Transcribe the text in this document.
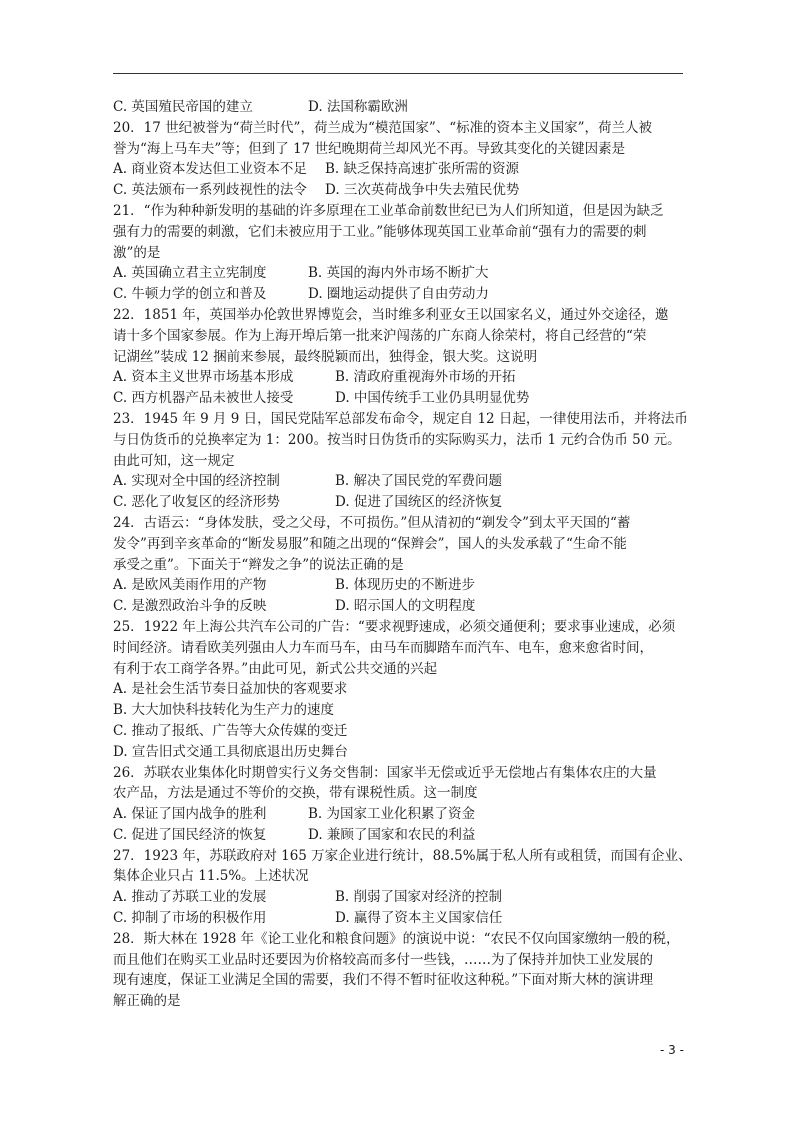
C. 英国殖民帝国的建立	D. 法国称霸欧洲
20．17 世纪被誉为“荷兰时代”，荷兰成为“模范国家”、“标准的资本主义国家”，荷兰人被
誉为“海上马车夫”等；但到了 17 世纪晚期荷兰却风光不再。导致其变化的关键因素是
A. 商业资本发达但工业资本不足 B. 缺乏保持高速扩张所需的资源
C. 英法颁布一系列歧视性的法令 D. 三次英荷战争中失去殖民优势
21．“作为种种新发明的基础的许多原理在工业革命前数世纪已为人们所知道，但是因为缺乏
强有力的需要的刺激，它们未被应用于工业。”能够体现英国工业革命前“强有力的需要的刺
激”的是
A. 英国确立君主立宪制度	B. 英国的海内外市场不断扩大
C. 牛顿力学的创立和普及	D. 圈地运动提供了自由劳动力
22．1851 年，英国举办伦敦世界博览会，当时维多利亚女王以国家名义，通过外交途径，邀
请十多个国家参展。作为上海开埠后第一批来沪闯荡的广东商人徐荣村，将自己经营的“荣
记湖丝”装成 12 捆前来参展，最终脱颖而出，独得金，银大奖。这说明
A. 资本主义世界市场基本形成	B. 清政府重视海外市场的开拓
C. 西方机器产品未被世人接受	D. 中国传统手工业仍具明显优势
23．1945 年 9 月 9 日，国民党陆军总部发布命令，规定自 12 日起，一律使用法币，并将法币
与日伪货币的兑换率定为 1：200。按当时日伪货币的实际购买力，法币 1 元约合伪币 50 元。
由此可知，这一规定
A. 实现对全中国的经济控制	B. 解决了国民党的军费问题
C. 恶化了收复区的经济形势	D. 促进了国统区的经济恢复
24．古语云：“身体发肤，受之父母，不可损伤。”但从清初的“剃发令”到太平天国的“蓄
发令”再到辛亥革命的“断发易服”和随之出现的“保辫会”，国人的头发承载了“生命不能
承受之重”。下面关于“辫发之争”的说法正确的是
A. 是欧风美雨作用的产物	B. 体现历史的不断进步
C. 是激烈政治斗争的反映	D. 昭示国人的文明程度
25．1922 年上海公共汽车公司的广告：“要求视野速成，必须交通便利；要求事业速成，必须
时间经济。请看欧美列强由人力车而马车，由马车而脚踏车而汽车、电车，愈来愈省时间，
有利于农工商学各界。”由此可见，新式公共交通的兴起
A. 是社会生活节奏日益加快的客观要求
B. 大大加快科技转化为生产力的速度
C. 推动了报纸、广告等大众传媒的变迁
D. 宣告旧式交通工具彻底退出历史舞台
26．苏联农业集体化时期曾实行义务交售制：国家半无偿或近乎无偿地占有集体农庄的大量
农产品，方法是通过不等价的交换，带有课税性质。这一制度
A. 保证了国内战争的胜利	B. 为国家工业化积累了资金
C. 促进了国民经济的恢复	D. 兼顾了国家和农民的利益
27．1923 年，苏联政府对 165 万家企业进行统计，88.5%属于私人所有或租赁，而国有企业、
集体企业只占 11.5%。上述状况
A. 推动了苏联工业的发展	B. 削弱了国家对经济的控制
C. 抑制了市场的积极作用	D. 赢得了资本主义国家信任
28．斯大林在 1928 年《论工业化和粮食问题》的演说中说：“农民不仅向国家缴纳一般的税，
而且他们在购买工业品时还要因为价格较高而多付一些钱，……为了保持并加快工业发展的
现有速度，保证工业满足全国的需要，我们不得不暂时征收这种税。”下面对斯大林的演讲理
解正确的是
- 3 -
